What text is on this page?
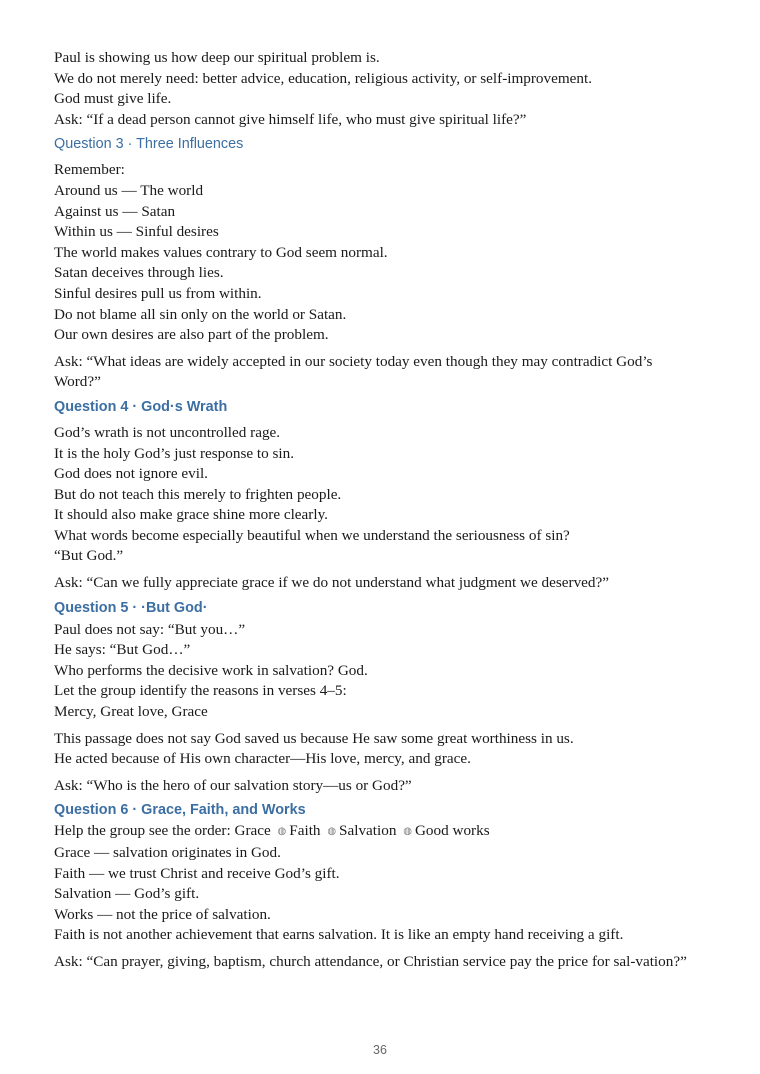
Paul is showing us how deep our spiritual problem is.
We do not merely need: better advice, education, religious activity, or self-improvement.
God must give life.
Ask: “If a dead person cannot give himself life, who must give spiritual life?”
Question 3 · Three Influences
Remember:
Around us — The world
Against us — Satan
Within us — Sinful desires
The world makes values contrary to God seem normal.
Satan deceives through lies.
Sinful desires pull us from within.
Do not blame all sin only on the world or Satan.
Our own desires are also part of the problem.
Ask: “What ideas are widely accepted in our society today even though they may contradict God’s Word?”
Question 4 · God·s Wrath
God’s wrath is not uncontrolled rage.
It is the holy God’s just response to sin.
God does not ignore evil.
But do not teach this merely to frighten people.
It should also make grace shine more clearly.
What words become especially beautiful when we understand the seriousness of sin?
“But God.”
Ask: “Can we fully appreciate grace if we do not understand what judgment we deserved?”
Question 5 · ·But God·
Paul does not say: “But you…”
He says: “But God…”
Who performs the decisive work in salvation? God.
Let the group identify the reasons in verses 4–5:
Mercy, Great love, Grace
This passage does not say God saved us because He saw some great worthiness in us.
He acted because of His own character—His love, mercy, and grace.
Ask: “Who is the hero of our salvation story—us or God?”
Question 6 · Grace, Faith, and Works
Help the group see the order: Grace ◍ Faith ◍ Salvation ◍ Good works
Grace — salvation originates in God.
Faith — we trust Christ and receive God’s gift.
Salvation — God’s gift.
Works — not the price of salvation.
Faith is not another achievement that earns salvation. It is like an empty hand receiving a gift.
Ask: “Can prayer, giving, baptism, church attendance, or Christian service pay the price for sal-vation?”
36
